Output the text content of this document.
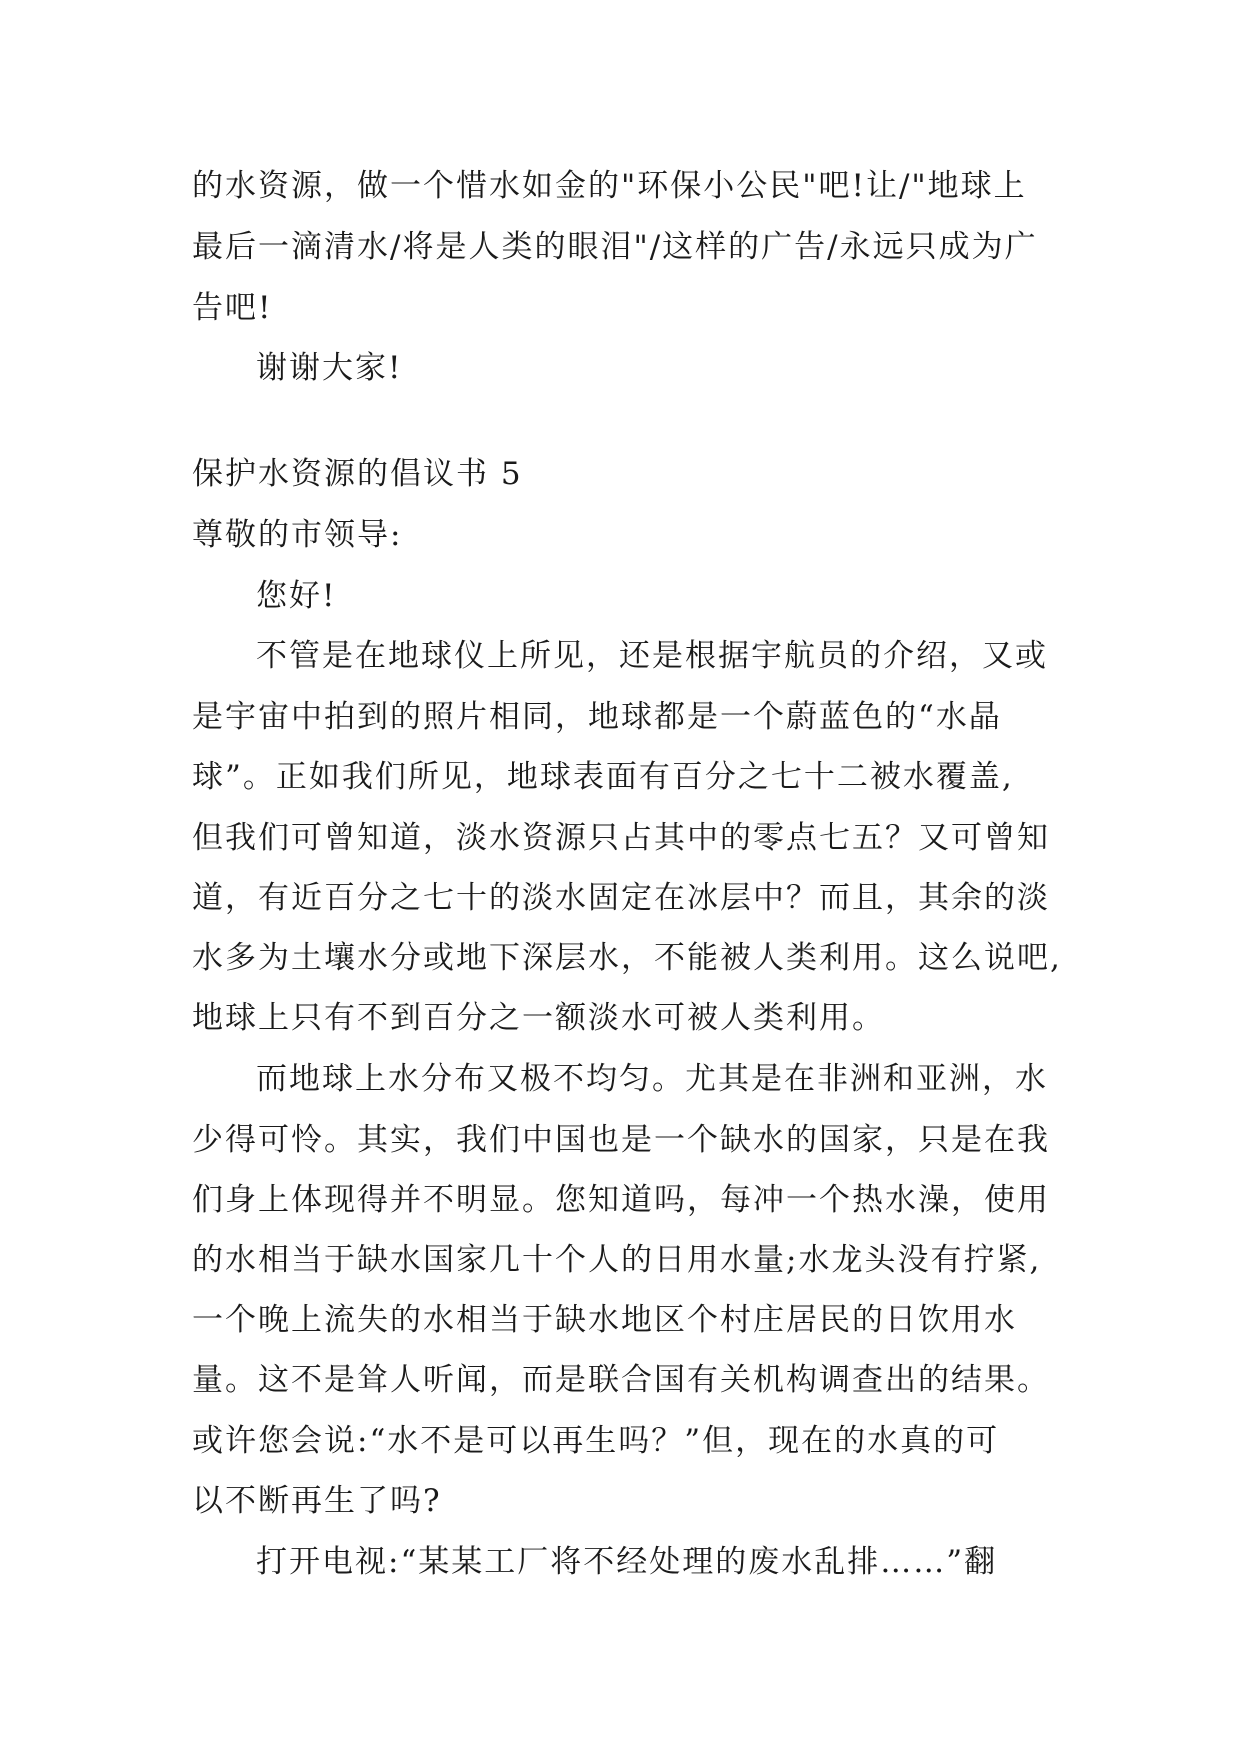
的水资源，做一个惜水如金的"环保小公民"吧!让/"地球上
最后一滴清水/将是人类的眼泪"/这样的广告/永远只成为广
告吧!
谢谢大家!
保护水资源的倡议书 5
尊敬的市领导:
您好!
不管是在地球仪上所见，还是根据宇航员的介绍，又或
是宇宙中拍到的照片相同，地球都是一个蔚蓝色的“水晶
球”。正如我们所见，地球表面有百分之七十二被水覆盖,
但我们可曾知道，淡水资源只占其中的零点七五？又可曾知
道，有近百分之七十的淡水固定在冰层中？而且，其余的淡
水多为土壤水分或地下深层水，不能被人类利用。这么说吧,
地球上只有不到百分之一额淡水可被人类利用。
而地球上水分布又极不均匀。尤其是在非洲和亚洲，水
少得可怜。其实，我们中国也是一个缺水的国家，只是在我
们身上体现得并不明显。您知道吗，每冲一个热水澡，使用
的水相当于缺水国家几十个人的日用水量;水龙头没有拧紧,
一个晚上流失的水相当于缺水地区个村庄居民的日饮用水
量。这不是耸人听闻，而是联合国有关机构调查出的结果。
或许您会说:“水不是可以再生吗？”但，现在的水真的可
以不断再生了吗?
打开电视:“某某工厂将不经处理的废水乱排……”翻
